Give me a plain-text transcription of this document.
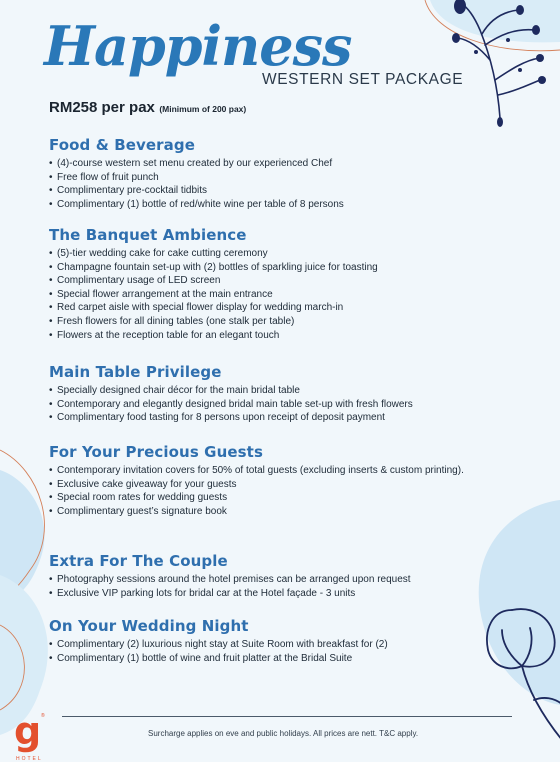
Happiness

WESTERN SET PACKAGE

RM258 per pax (Minimum of 200 pax)

Food & Beverage
• (4)-course western set menu created by our experienced Chef
• Free flow of fruit punch
• Complimentary pre-cocktail tidbits
• Complimentary (1) bottle of red/white wine per table of 8 persons
The Banquet Ambience
• (5)-tier wedding cake for cake cutting ceremony
• Champagne fountain set-up with (2) bottles of sparkling juice for toasting
• Complimentary usage of LED screen
• Special flower arrangement at the main entrance
• Red carpet aisle with special flower display for wedding march-in
• Fresh flowers for all dining tables (one stalk per table)
• Flowers at the reception table for an elegant touch
Main Table Privilege
• Specially designed chair décor for the main bridal table
• Contemporary and elegantly designed bridal main table set-up with fresh flowers
• Complimentary food tasting for 8 persons upon receipt of deposit payment
For Your Precious Guests
• Contemporary invitation covers for 50% of total guests (excluding inserts & custom printing).
• Exclusive cake giveaway for your guests
• Special room rates for wedding guests
• Complimentary guest’s signature book
Extra For The Couple
• Photography sessions around the hotel premises can be arranged upon request
• Exclusive VIP parking lots for bridal car at the Hotel façade - 3 units
On Your Wedding Night
• Complimentary (2) luxurious night stay at Suite Room with breakfast for (2)
• Complimentary (1) bottle of wine and fruit platter at the Bridal Suite

Surcharge applies on eve and public holidays. All prices are nett. T&C apply.

g ®
HOTEL
